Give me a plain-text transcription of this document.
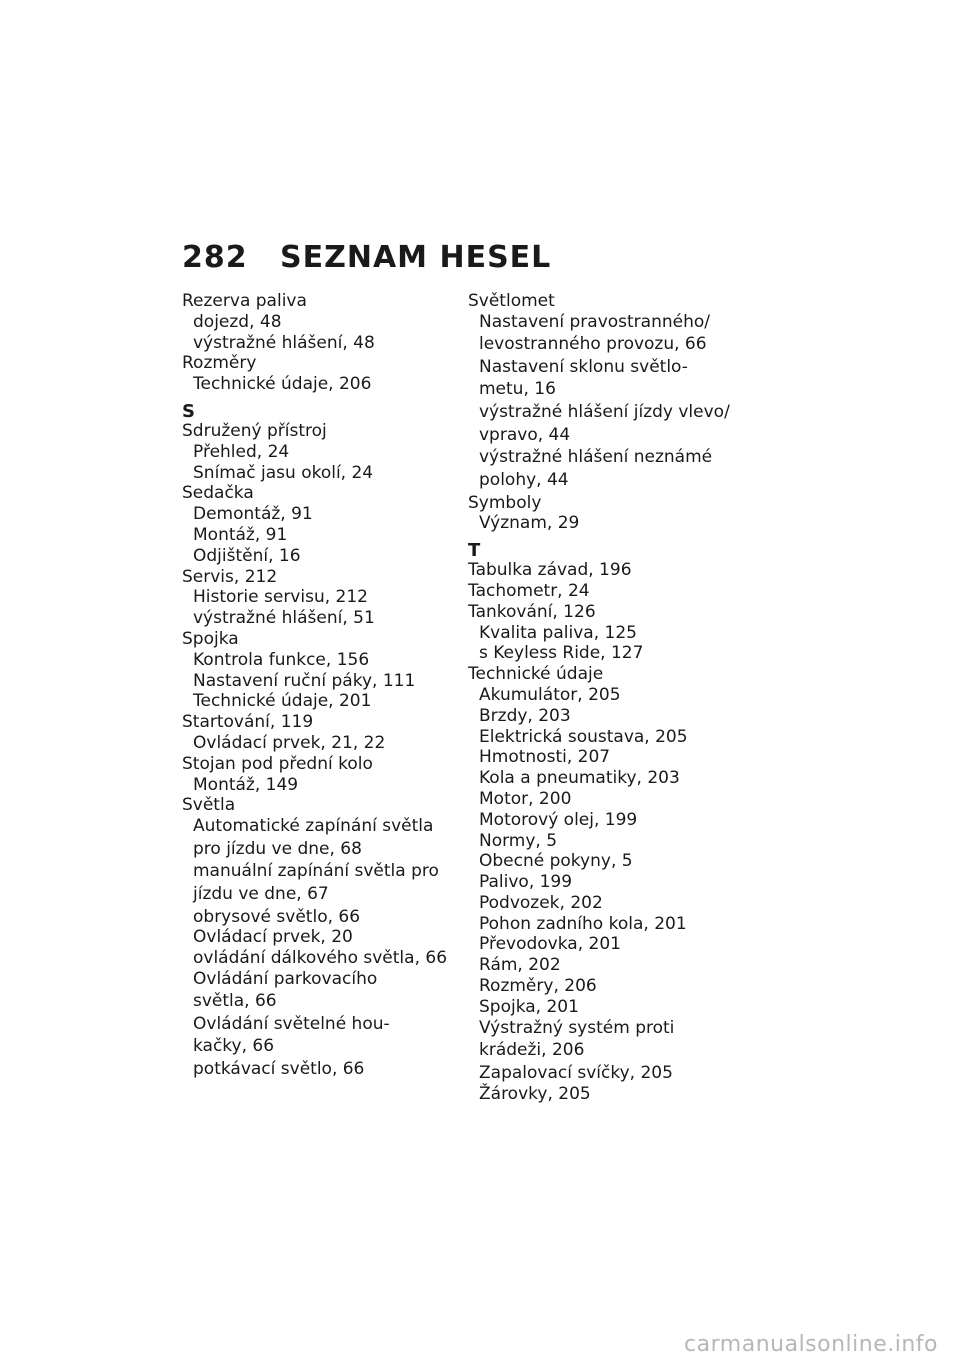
282 SEZNAM HESEL
Rezerva paliva
dojezd, 48
výstražné hlášení, 48
Rozměry
Technické údaje, 206
S
Sdružený přístroj
Přehled, 24
Snímač jasu okolí, 24
Sedačka
Demontáž, 91
Montáž, 91
Odjištění, 16
Servis, 212
Historie servisu, 212
výstražné hlášení, 51
Spojka
Kontrola funkce, 156
Nastavení ruční páky, 111
Technické údaje, 201
Startování, 119
Ovládací prvek, 21, 22
Stojan pod přední kolo
Montáž, 149
Světla
Automatické zapínání světla
pro jízdu ve dne, 68
manuální zapínání světla pro
jízdu ve dne, 67
obrysové světlo, 66
Ovládací prvek, 20
ovládání dálkového světla, 66
Ovládání parkovacího
světla, 66
Ovládání světelné hou-
kačky, 66
potkávací světlo, 66
Světlomet
Nastavení pravostranného/
levostranného provozu, 66
Nastavení sklonu světlo-
metu, 16
výstražné hlášení jízdy vlevo/
vpravo, 44
výstražné hlášení neznámé
polohy, 44
Symboly
Význam, 29
T
Tabulka závad, 196
Tachometr, 24
Tankování, 126
Kvalita paliva, 125
s Keyless Ride, 127
Technické údaje
Akumulátor, 205
Brzdy, 203
Elektrická soustava, 205
Hmotnosti, 207
Kola a pneumatiky, 203
Motor, 200
Motorový olej, 199
Normy, 5
Obecné pokyny, 5
Palivo, 199
Podvozek, 202
Pohon zadního kola, 201
Převodovka, 201
Rám, 202
Rozměry, 206
Spojka, 201
Výstražný systém proti
krádeži, 206
Zapalovací svíčky, 205
Žárovky, 205
carmanualsonline.info
